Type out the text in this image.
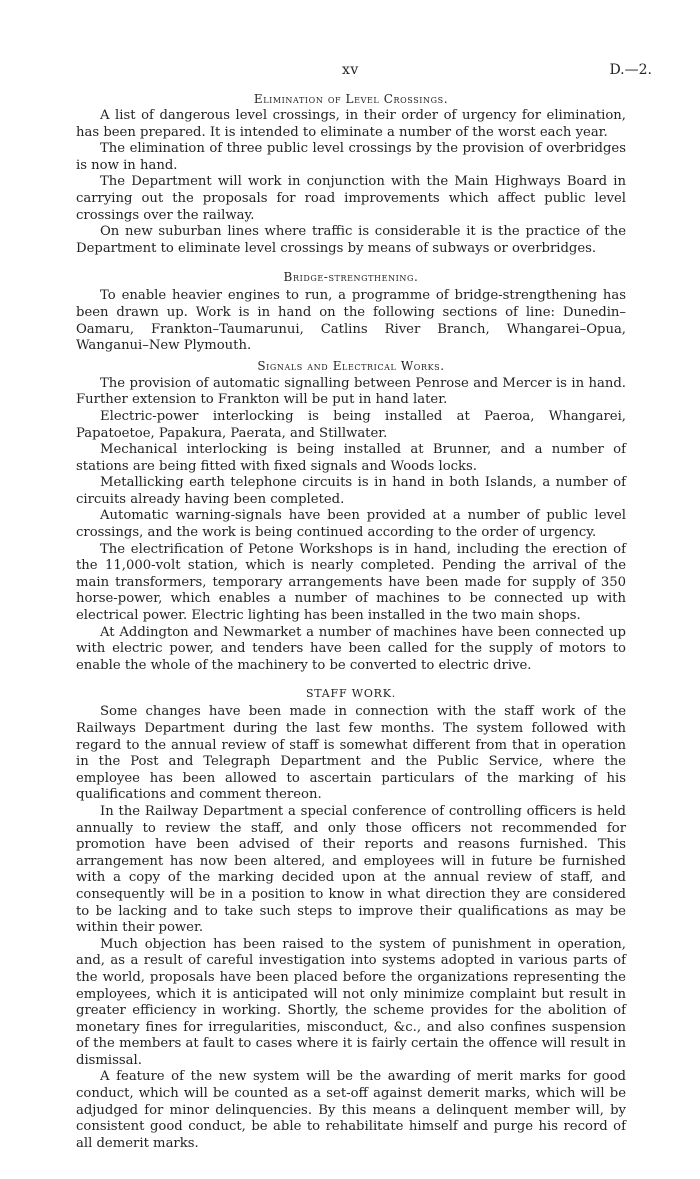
xv	D.—2.
Elimination of Level Crossings.

A list of dangerous level crossings, in their order of urgency for elimination, has been prepared. It is intended to eliminate a number of the worst each year.

The elimination of three public level crossings by the provision of overbridges is now in hand.

The Department will work in conjunction with the Main Highways Board in carrying out the proposals for road improvements which affect public level crossings over the railway.

On new suburban lines where traffic is considerable it is the practice of the Department to eliminate level crossings by means of subways or overbridges.

Bridge-strengthening.

To enable heavier engines to run, a programme of bridge-strengthening has been drawn up. Work is in hand on the following sections of line: Dunedin–Oamaru, Frankton–Taumarunui, Catlins River Branch, Whangarei–Opua, Wanganui–New Plymouth.

Signals and Electrical Works.

The provision of automatic signalling between Penrose and Mercer is in hand. Further extension to Frankton will be put in hand later.

Electric-power interlocking is being installed at Paeroa, Whangarei, Papatoetoe, Papakura, Paerata, and Stillwater.

Mechanical interlocking is being installed at Brunner, and a number of stations are being fitted with fixed signals and Woods locks.

Metallicking earth telephone circuits is in hand in both Islands, a number of circuits already having been completed.

Automatic warning-signals have been provided at a number of public level crossings, and the work is being continued according to the order of urgency.

The electrification of Petone Workshops is in hand, including the erection of the 11,000-volt station, which is nearly completed. Pending the arrival of the main transformers, temporary arrangements have been made for supply of 350 horse-power, which enables a number of machines to be connected up with electrical power. Electric lighting has been installed in the two main shops.

At Addington and Newmarket a number of machines have been connected up with electric power, and tenders have been called for the supply of motors to enable the whole of the machinery to be converted to electric drive.

STAFF WORK.

Some changes have been made in connection with the staff work of the Railways Department during the last few months. The system followed with regard to the annual review of staff is somewhat different from that in operation in the Post and Telegraph Department and the Public Service, where the employee has been allowed to ascertain particulars of the marking of his qualifications and comment thereon.

In the Railway Department a special conference of controlling officers is held annually to review the staff, and only those officers not recommended for promotion have been advised of their reports and reasons furnished. This arrangement has now been altered, and employees will in future be furnished with a copy of the marking decided upon at the annual review of staff, and consequently will be in a position to know in what direction they are considered to be lacking and to take such steps to improve their qualifications as may be within their power.

Much objection has been raised to the system of punishment in operation, and, as a result of careful investigation into systems adopted in various parts of the world, proposals have been placed before the organizations representing the employees, which it is anticipated will not only minimize complaint but result in greater efficiency in working. Shortly, the scheme provides for the abolition of monetary fines for irregularities, misconduct, &c., and also confines suspension of the members at fault to cases where it is fairly certain the offence will result in dismissal.

A feature of the new system will be the awarding of merit marks for good conduct, which will be counted as a set-off against demerit marks, which will be adjudged for minor delinquencies. By this means a delinquent member will, by consistent good conduct, be able to rehabilitate himself and purge his record of all demerit marks.
